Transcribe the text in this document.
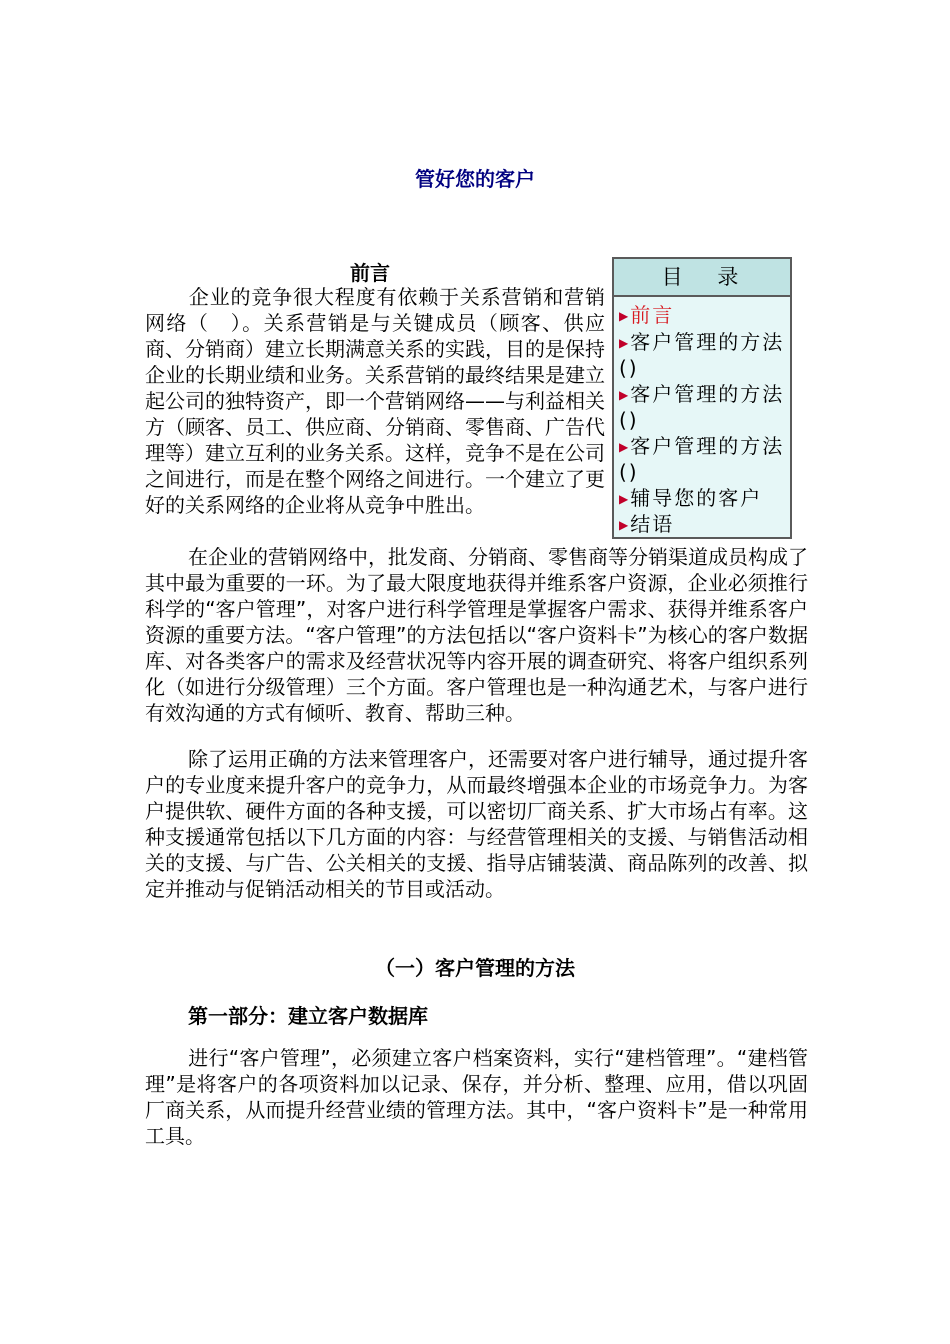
管好您的客户
目 录
▶ 前言
▶ 客户管理的方法()
▶ 客户管理的方法()
▶ 客户管理的方法()
▶ 辅导您的客户
▶ 结语
前言

企业的竞争很大程度有依赖于关系营销和营销网络（　）。关系营销是与关键成员（顾客、供应商、分销商）建立长期满意关系的实践，目的是保持企业的长期业绩和业务。关系营销的最终结果是建立起公司的独特资产，即一个营销网络——与利益相关方（顾客、员工、供应商、分销商、零售商、广告代理等）建立互利的业务关系。这样，竞争不是在公司之间进行，而是在整个网络之间进行。一个建立了更好的关系网络的企业将从竞争中胜出。

在企业的营销网络中，批发商、分销商、零售商等分销渠道成员构成了其中最为重要的一环。为了最大限度地获得并维系客户资源，企业必须推行科学的“客户管理”，对客户进行科学管理是掌握客户需求、获得并维系客户资源的重要方法。“客户管理”的方法包括以“客户资料卡”为核心的客户数据库、对各类客户的需求及经营状况等内容开展的调查研究、将客户组织系列化（如进行分级管理）三个方面。客户管理也是一种沟通艺术，与客户进行有效沟通的方式有倾听、教育、帮助三种。

除了运用正确的方法来管理客户，还需要对客户进行辅导，通过提升客户的专业度来提升客户的竞争力，从而最终增强本企业的市场竞争力。为客户提供软、硬件方面的各种支援，可以密切厂商关系、扩大市场占有率。这种支援通常包括以下几方面的内容：与经营管理相关的支援、与销售活动相关的支援、与广告、公关相关的支援、指导店铺装潢、商品陈列的改善、拟定并推动与促销活动相关的节目或活动。

（一）客户管理的方法
第一部分：建立客户数据库

进行“客户管理”，必须建立客户档案资料，实行“建档管理”。“建档管理”是将客户的各项资料加以记录、保存，并分析、整理、应用，借以巩固厂商关系，从而提升经营业绩的管理方法。其中，“客户资料卡”是一种常用工具。
